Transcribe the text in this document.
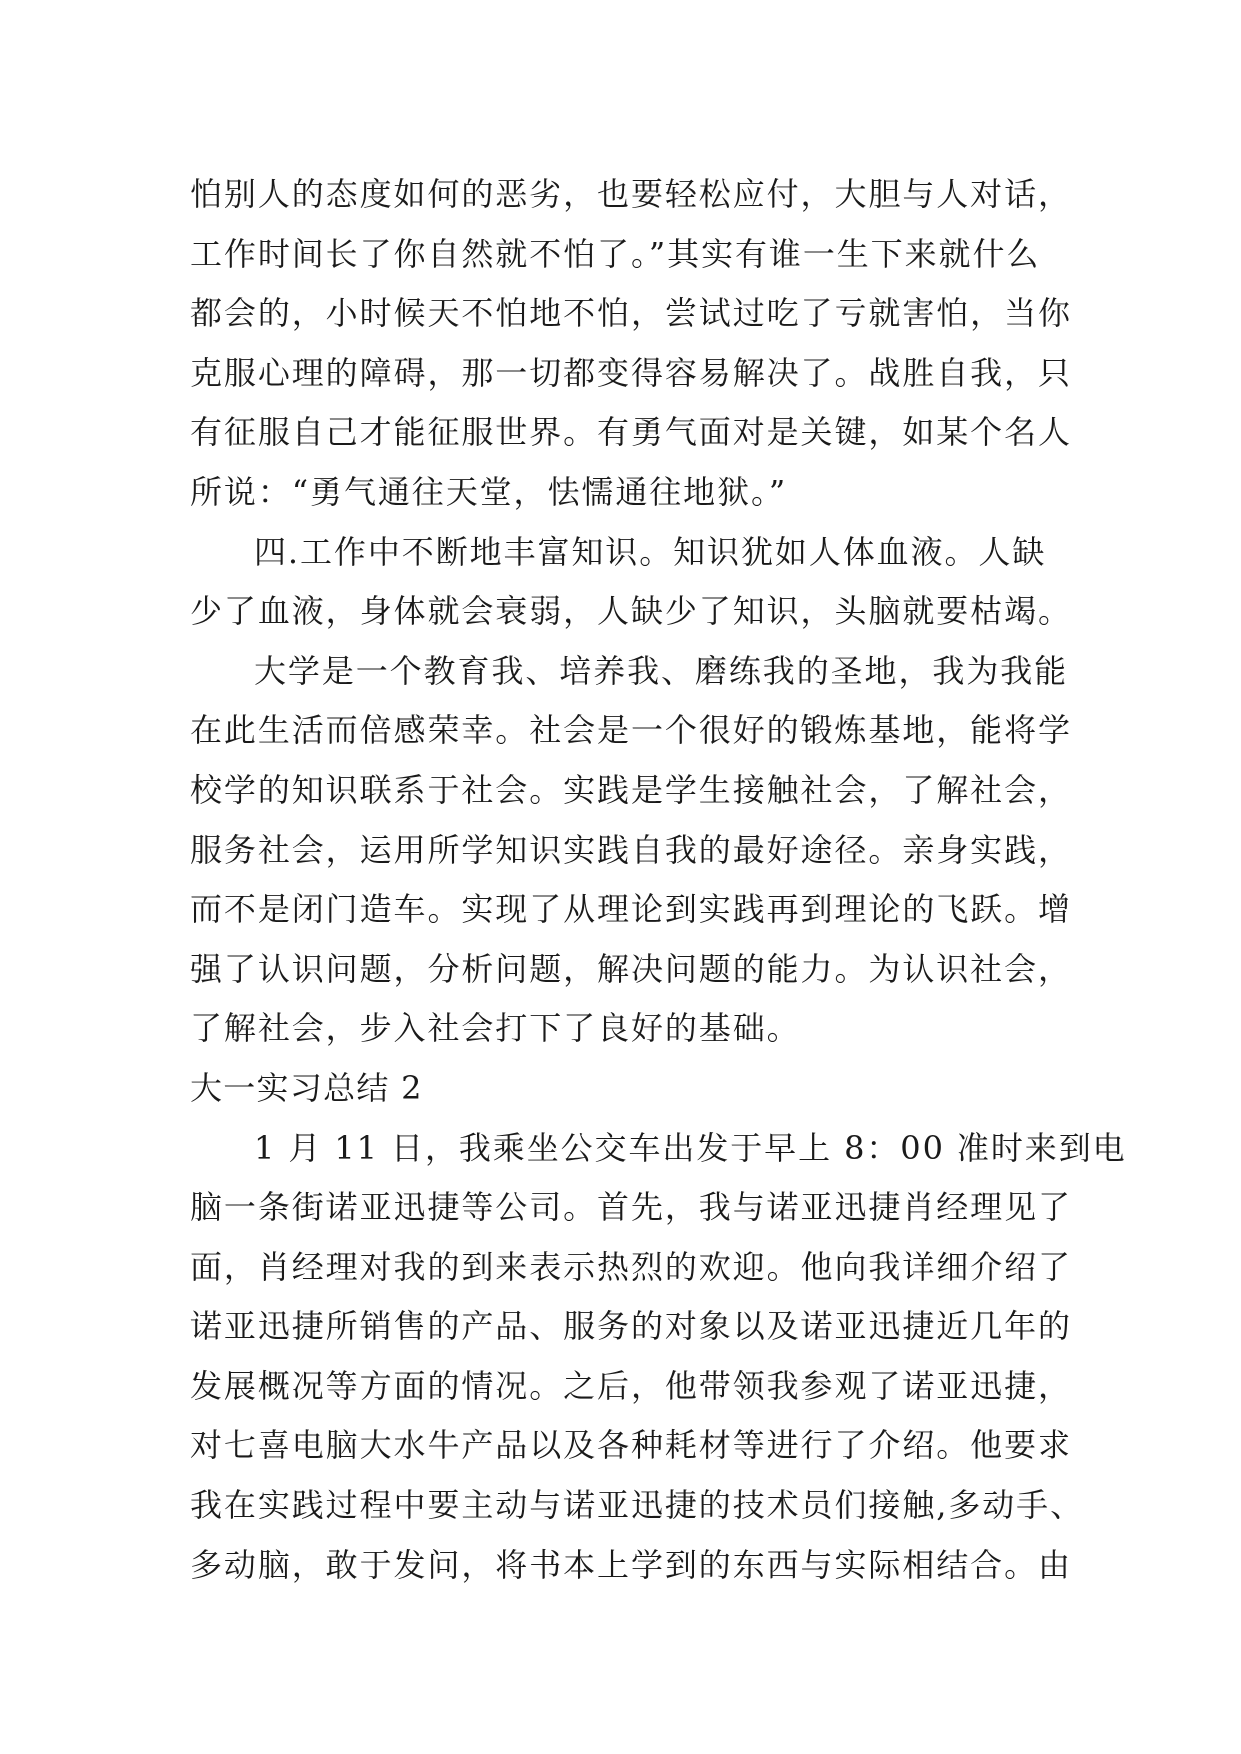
怕别人的态度如何的恶劣，也要轻松应付，大胆与人对话，
工作时间长了你自然就不怕了。”其实有谁一生下来就什么
都会的，小时候天不怕地不怕，尝试过吃了亏就害怕，当你
克服心理的障碍，那一切都变得容易解决了。战胜自我，只
有征服自己才能征服世界。有勇气面对是关键，如某个名人
所说：“勇气通往天堂，怯懦通往地狱。”
四.工作中不断地丰富知识。知识犹如人体血液。人缺
少了血液，身体就会衰弱，人缺少了知识，头脑就要枯竭。
大学是一个教育我、培养我、磨练我的圣地，我为我能
在此生活而倍感荣幸。社会是一个很好的锻炼基地，能将学
校学的知识联系于社会。实践是学生接触社会，了解社会，
服务社会，运用所学知识实践自我的最好途径。亲身实践，
而不是闭门造车。实现了从理论到实践再到理论的飞跃。增
强了认识问题，分析问题，解决问题的能力。为认识社会，
了解社会，步入社会打下了良好的基础。
大一实习总结 2
1 月 11 日，我乘坐公交车出发于早上 8：00 准时来到电
脑一条街诺亚迅捷等公司。首先，我与诺亚迅捷肖经理见了
面，肖经理对我的到来表示热烈的欢迎。他向我详细介绍了
诺亚迅捷所销售的产品、服务的对象以及诺亚迅捷近几年的
发展概况等方面的情况。之后，他带领我参观了诺亚迅捷，
对七喜电脑大水牛产品以及各种耗材等进行了介绍。他要求
我在实践过程中要主动与诺亚迅捷的技术员们接触,多动手、
多动脑，敢于发问，将书本上学到的东西与实际相结合。由
